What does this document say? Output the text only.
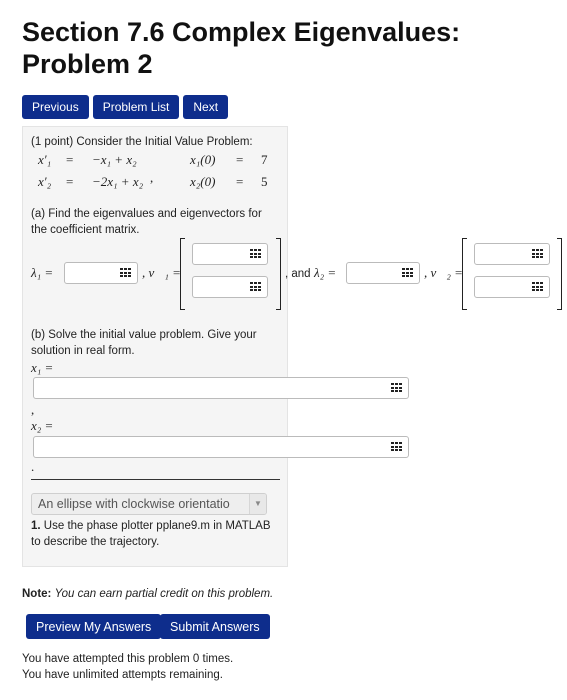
Section 7.6 Complex Eigenvalues: Problem 2
Previous	Problem List	Next
(1 point) Consider the Initial Value Problem:
x′₁ = −x₁ + x₂	x₁(0) = 7
x′₂ = −2x₁ + x₂ ,	x₂(0) = 5
(a) Find the eigenvalues and eigenvectors for the coefficient matrix.
λ₁ =	, v⃗₁ =	, and λ₂ =	, v⃗₂ =
(b) Solve the initial value problem. Give your solution in real form.
x₁ =
,
x₂ =
.
An ellipse with clockwise orientatio	▼
1. Use the phase plotter pplane9.m in MATLAB to describe the trajectory.
Note: You can earn partial credit on this problem.
Preview My Answers	Submit Answers
You have attempted this problem 0 times.
You have unlimited attempts remaining.
